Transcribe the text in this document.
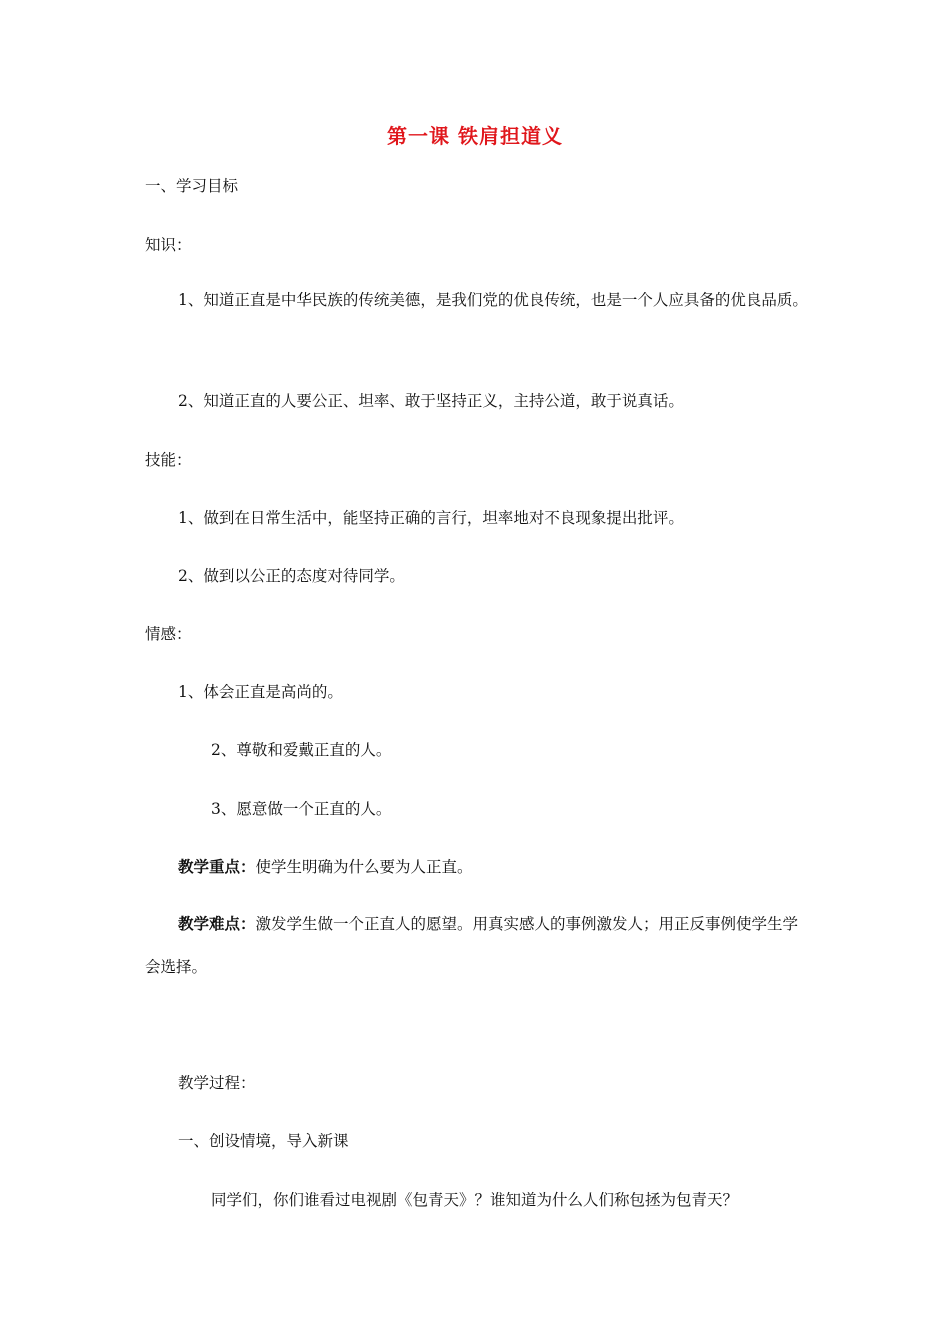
第一课 铁肩担道义
一、学习目标
知识：
1、知道正直是中华民族的传统美德，是我们党的优良传统，也是一个人应具备的优良品质。
2、知道正直的人要公正、坦率、敢于坚持正义，主持公道，敢于说真话。
技能：
1、做到在日常生活中，能坚持正确的言行，坦率地对不良现象提出批评。
2、做到以公正的态度对待同学。
情感：
1、体会正直是高尚的。
2、尊敬和爱戴正直的人。
3、愿意做一个正直的人。
教学重点：使学生明确为什么要为人正直。
教学难点：激发学生做一个正直人的愿望。用真实感人的事例激发人；用正反事例使学生学会选择。
教学过程：
一、创设情境，导入新课
同学们，你们谁看过电视剧《包青天》？谁知道为什么人们称包拯为包青天？
